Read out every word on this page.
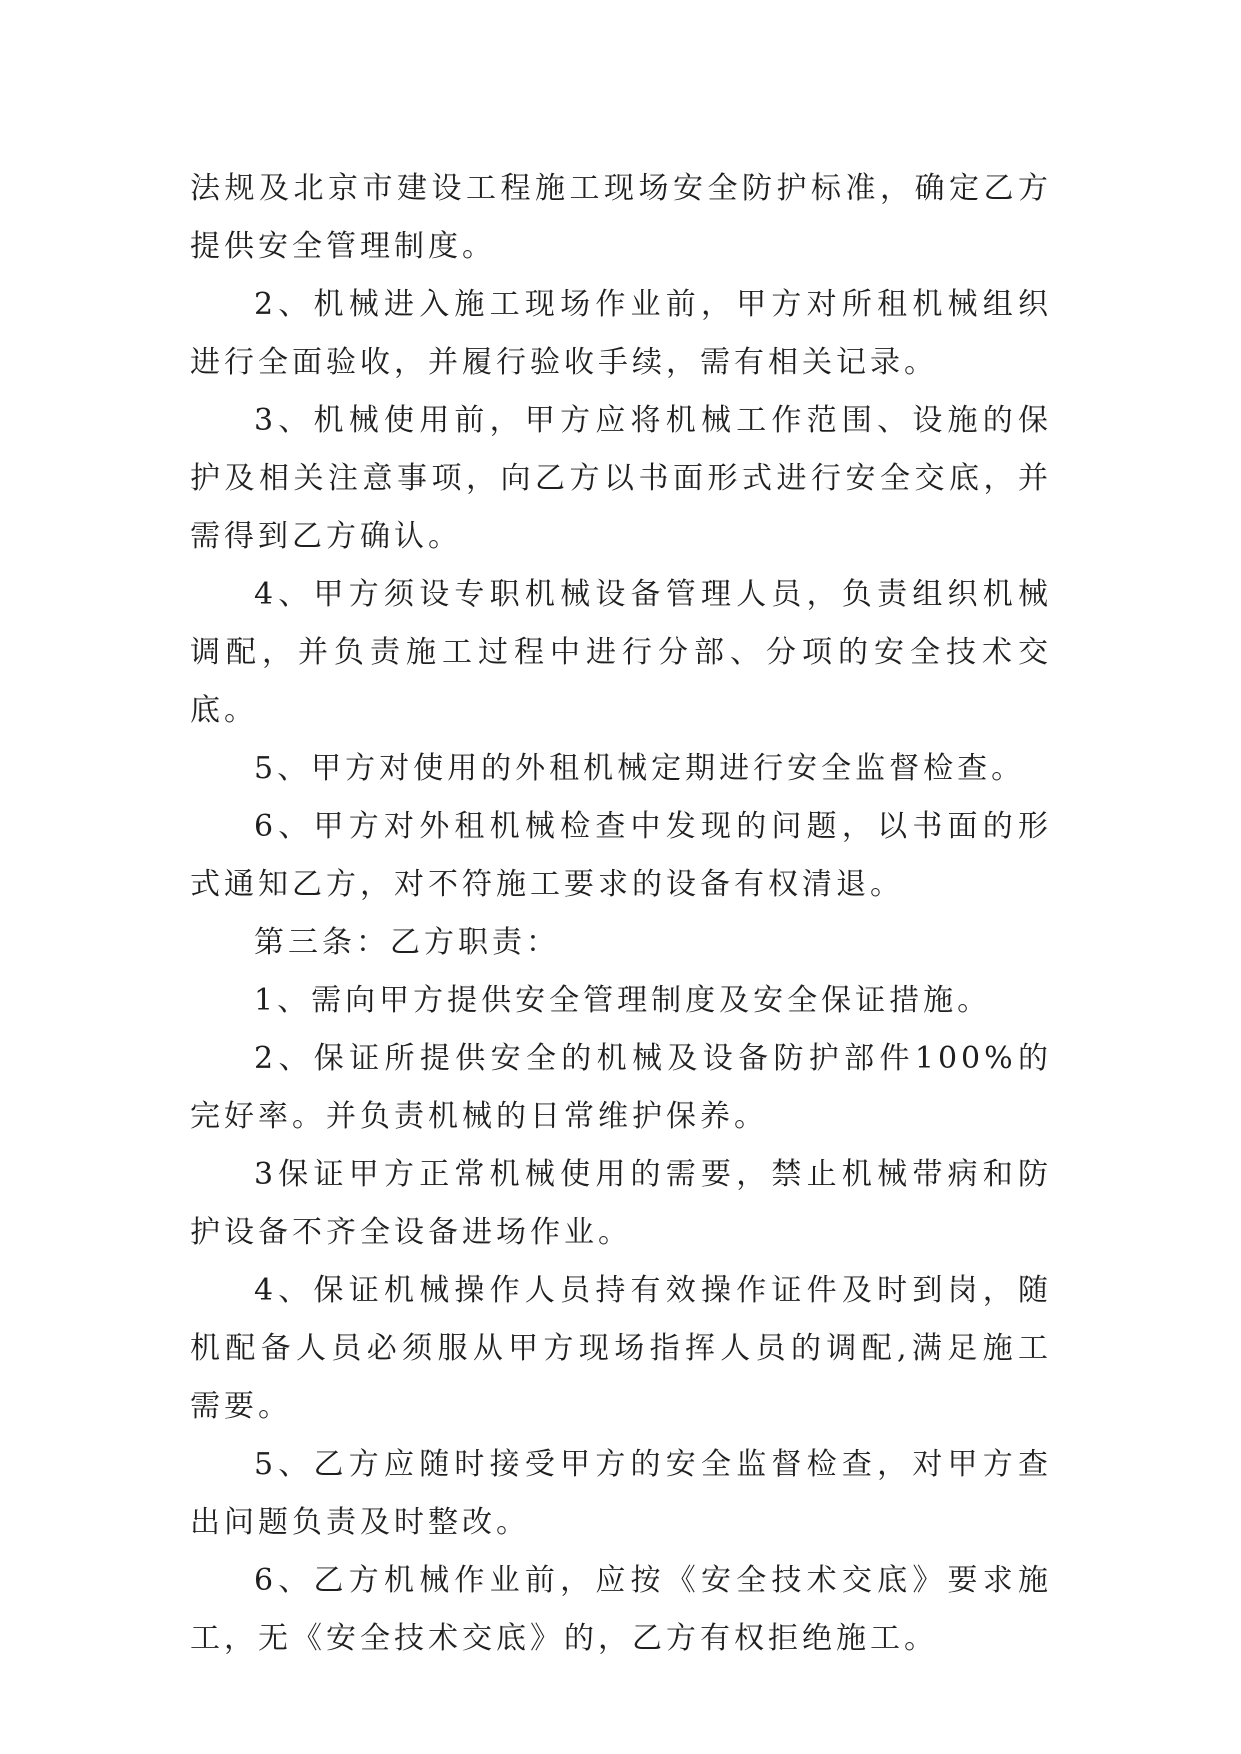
法规及北京市建设工程施工现场安全防护标准，确定乙方提供安全管理制度。

2、机械进入施工现场作业前，甲方对所租机械组织进行全面验收，并履行验收手续，需有相关记录。

3、机械使用前，甲方应将机械工作范围、设施的保护及相关注意事项，向乙方以书面形式进行安全交底，并需得到乙方确认。

4、甲方须设专职机械设备管理人员，负责组织机械调配，并负责施工过程中进行分部、分项的安全技术交底。

5、甲方对使用的外租机械定期进行安全监督检查。

6、甲方对外租机械检查中发现的问题，以书面的形式通知乙方，对不符施工要求的设备有权清退。

第三条：乙方职责：

1、需向甲方提供安全管理制度及安全保证措施。

2、保证所提供安全的机械及设备防护部件100%的完好率。并负责机械的日常维护保养。

3保证甲方正常机械使用的需要，禁止机械带病和防护设备不齐全设备进场作业。

4、保证机械操作人员持有效操作证件及时到岗，随机配备人员必须服从甲方现场指挥人员的调配,满足施工需要。

5、乙方应随时接受甲方的安全监督检查，对甲方查出问题负责及时整改。

6、乙方机械作业前，应按《安全技术交底》要求施工，无《安全技术交底》的，乙方有权拒绝施工。
